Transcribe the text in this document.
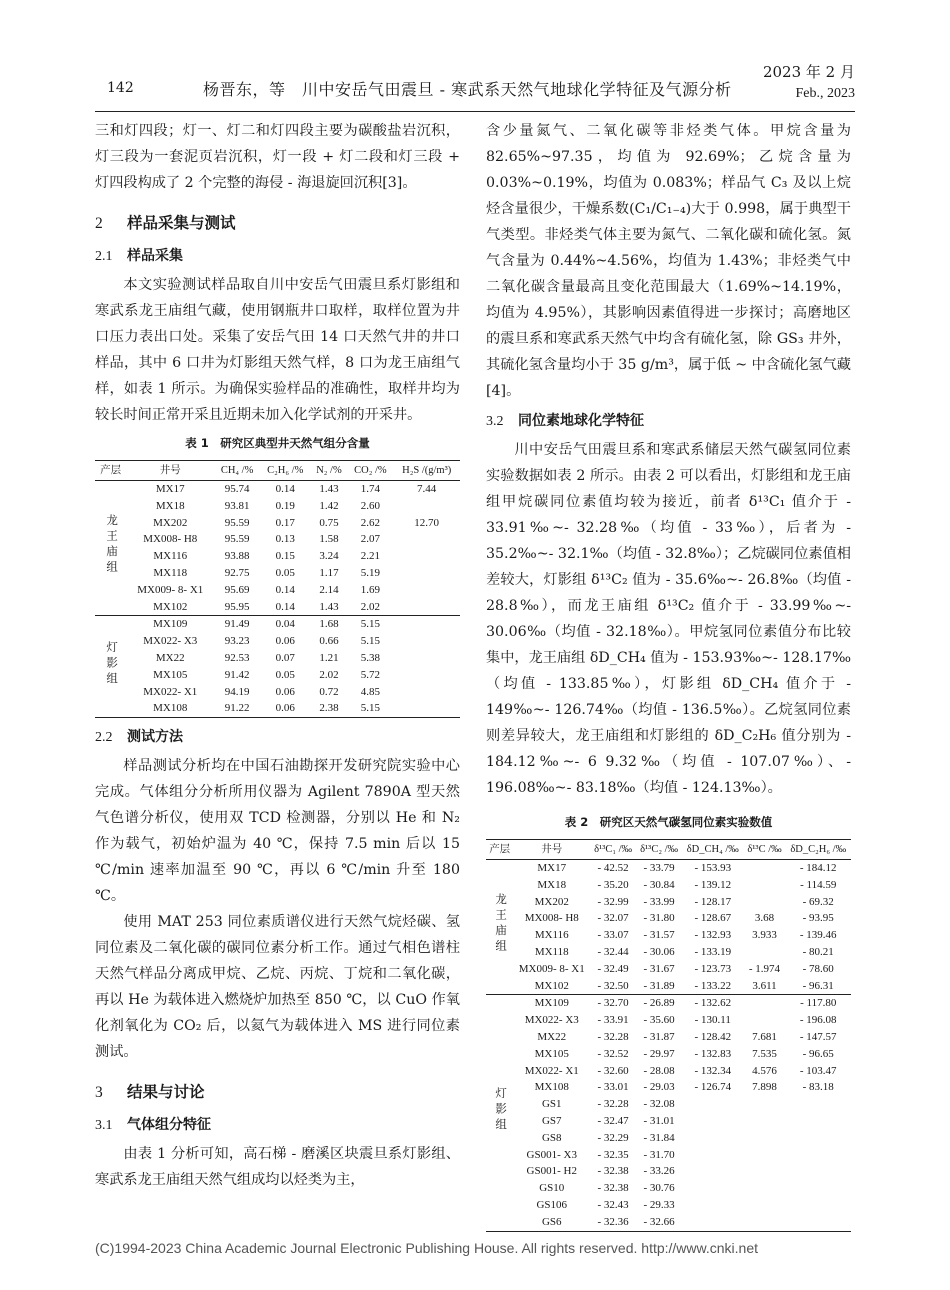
142	杨晋东，等　川中安岳气田震旦 - 寒武系天然气地球化学特征及气源分析
2023 年 2 月
Feb., 2023

三和灯四段；灯一、灯二和灯四段主要为碳酸盐岩沉积，灯三段为一套泥页岩沉积，灯一段 + 灯二段和灯三段 + 灯四段构成了 2 个完整的海侵 - 海退旋回沉积[3]。

2 样品采集与测试
2.1 样品采集

本文实验测试样品取自川中安岳气田震旦系灯影组和寒武系龙王庙组气藏，使用钢瓶井口取样，取样位置为井口压力表出口处。采集了安岳气田 14 口天然气井的井口样品，其中 6 口井为灯影组天然气样，8 口为龙王庙组气样，如表 1 所示。为确保实验样品的准确性，取样井均为较长时间正常开采且近期未加入化学试剂的开采井。

表 1　研究区典型井天然气组分含量
产层	井号	CH₄ /%	C₂H₆ /%	N₂ /%	CO₂ /%	H₂S /(g/m³)
龙王庙组	MX17	95.74	0.14	1.43	1.74	7.44
	MX18	93.81	0.19	1.42	2.60	
	MX202	95.59	0.17	0.75	2.62	12.70
	MX008- H8	95.59	0.13	1.58	2.07	
	MX116	93.88	0.15	3.24	2.21	
	MX118	92.75	0.05	1.17	5.19	
	MX009- 8- X1	95.69	0.14	2.14	1.69	
	MX102	95.95	0.14	1.43	2.02	
灯影组	MX109	91.49	0.04	1.68	5.15	
	MX022- X3	93.23	0.06	0.66	5.15	
	MX22	92.53	0.07	1.21	5.38	
	MX105	91.42	0.05	2.02	5.72	
	MX022- X1	94.19	0.06	0.72	4.85	
	MX108	91.22	0.06	2.38	5.15	
2.2 测试方法

样品测试分析均在中国石油勘探开发研究院实验中心完成。气体组分分析所用仪器为 Agilent 7890A 型天然气色谱分析仪，使用双 TCD 检测器，分别以 He 和 N₂ 作为载气，初始炉温为 40 ℃，保持 7.5 min 后以 15 ℃/min 速率加温至 90 ℃，再以 6 ℃/min 升至 180 ℃。

使用 MAT 253 同位素质谱仪进行天然气烷烃碳、氢同位素及二氧化碳的碳同位素分析工作。通过气相色谱柱天然气样品分离成甲烷、乙烷、丙烷、丁烷和二氧化碳，再以 He 为载体进入燃烧炉加热至 850 ℃，以 CuO 作氧化剂氧化为 CO₂ 后，以氦气为载体进入 MS 进行同位素测试。

3 结果与讨论
3.1 气体组分特征

由表 1 分析可知，高石梯 - 磨溪区块震旦系灯影组、寒武系龙王庙组天然气组成均以烃类为主，

含少量氮气、二氧化碳等非烃类气体。甲烷含量为 82.65%~97.35，均值为 92.69%；乙烷含量为 0.03%~0.19%，均值为 0.083%；样品气 C₃ 及以上烷烃含量很少，干燥系数(C₁/C₁₋₄)大于 0.998，属于典型干气类型。非烃类气体主要为氮气、二氧化碳和硫化氢。氮气含量为 0.44%~4.56%，均值为 1.43%；非烃类气中二氧化碳含量最高且变化范围最大（1.69%~14.19%，均值为 4.95%），其影响因素值得进一步探讨；高磨地区的震旦系和寒武系天然气中均含有硫化氢，除 GS₃ 井外，其硫化氢含量均小于 35 g/m³，属于低 ~ 中含硫化氢气藏[4]。

3.2 同位素地球化学特征

川中安岳气田震旦系和寒武系储层天然气碳氢同位素实验数据如表 2 所示。由表 2 可以看出，灯影组和龙王庙组甲烷碳同位素值均较为接近，前者 δ¹³C₁ 值介于 - 33.91‰~- 32.28‰（均值 - 33‰），后者为 - 35.2‰~- 32.1‰（均值 - 32.8‰）；乙烷碳同位素值相差较大，灯影组 δ¹³C₂ 值为 - 35.6‰~- 26.8‰（均值 - 28.8‰），而龙王庙组 δ¹³C₂ 值介于 - 33.99‰~- 30.06‰（均值 - 32.18‰）。甲烷氢同位素值分布比较集中，龙王庙组 δD_CH₄ 值为 - 153.93‰~- 128.17‰（均值 - 133.85‰），灯影组 δD_CH₄ 值介于 - 149‰~- 126.74‰（均值 - 136.5‰）。乙烷氢同位素则差异较大，龙王庙组和灯影组的 δD_C₂H₆ 值分别为 - 184.12‰~- 6 9.32‰（均值 - 107.07‰）、- 196.08‰~- 83.18‰（均值 - 124.13‰）。

表 2　研究区天然气碳氢同位素实验数值
产层	井号	δ¹³C₁ /‰	δ¹³C₂ /‰	δD_CH₄ /‰	δ¹³C /‰	δD_C₂H₆ /‰
龙王庙组	MX17	- 42.52	- 33.79	- 153.93		- 184.12
	MX18	- 35.20	- 30.84	- 139.12		- 114.59
	MX202	- 32.99	- 33.99	- 128.17		- 69.32
	MX008- H8	- 32.07	- 31.80	- 128.67	3.68	- 93.95
	MX116	- 33.07	- 31.57	- 132.93	3.933	- 139.46
	MX118	- 32.44	- 30.06	- 133.19		- 80.21
	MX009- 8- X1	- 32.49	- 31.67	- 123.73	- 1.974	- 78.60
	MX102	- 32.50	- 31.89	- 133.22	3.611	- 96.31
灯影组	MX109	- 32.70	- 26.89	- 132.62		- 117.80
	MX022- X3	- 33.91	- 35.60	- 130.11		- 196.08
	MX22	- 32.28	- 31.87	- 128.42	7.681	- 147.57
	MX105	- 32.52	- 29.97	- 132.83	7.535	- 96.65
	MX022- X1	- 32.60	- 28.08	- 132.34	4.576	- 103.47
	MX108	- 33.01	- 29.03	- 126.74	7.898	- 83.18
	GS1	- 32.28	- 32.08			
	GS7	- 32.47	- 31.01			
	GS8	- 32.29	- 31.84			
	GS001- X3	- 32.35	- 31.70			
	GS001- H2	- 32.38	- 33.26			
	GS10	- 32.38	- 30.76			
	GS106	- 32.43	- 29.33			
	GS6	- 32.36	- 32.66			
(C)1994-2023 China Academic Journal Electronic Publishing House. All rights reserved. http://www.cnki.net
